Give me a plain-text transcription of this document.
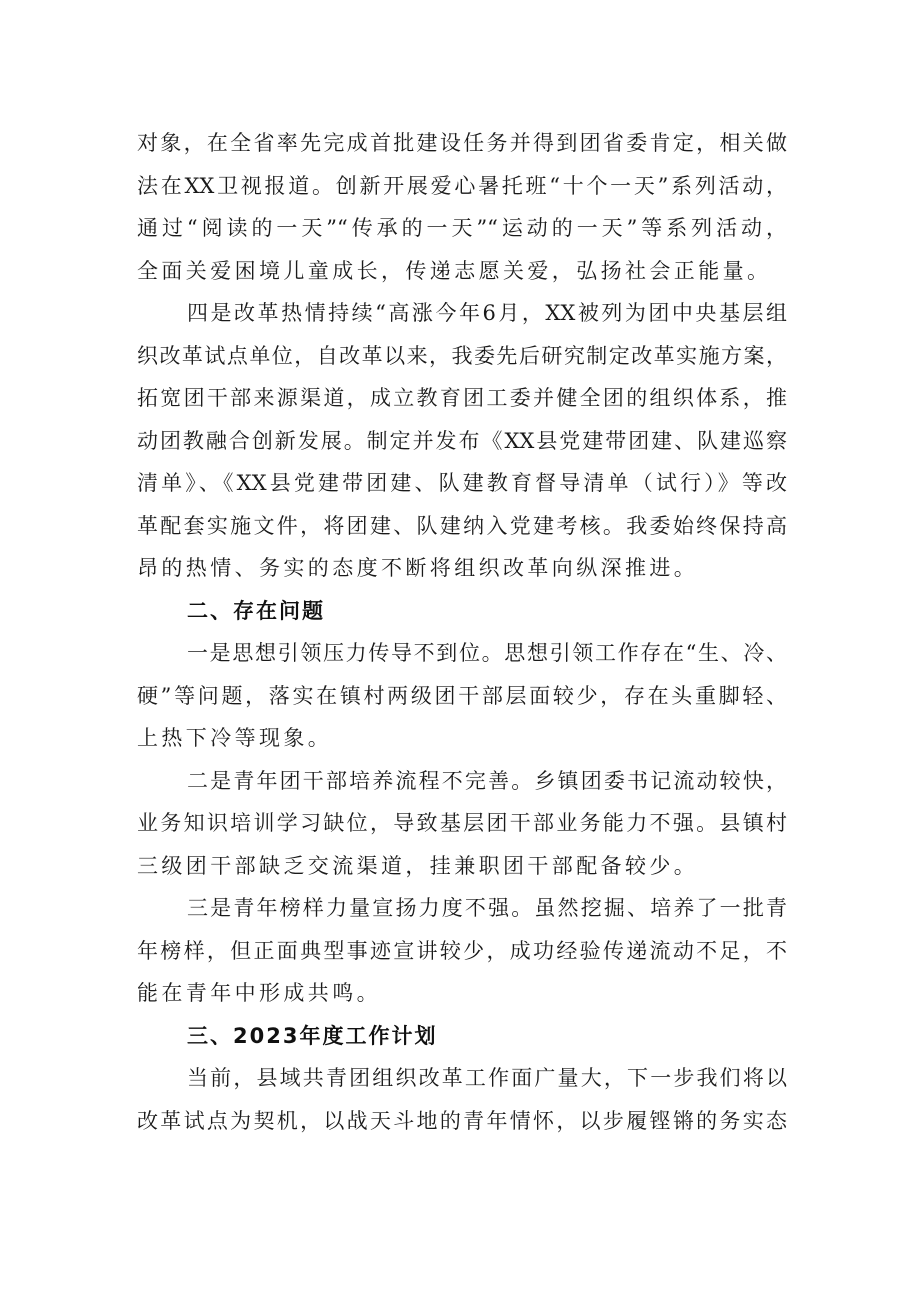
对象，在全省率先完成首批建设任务并得到团省委肯定，相关做
法在XX卫视报道。创新开展爱心暑托班“十个一天”系列活动，
通过“阅读的一天”“传承的一天”“运动的一天”等系列活动，
全面关爱困境儿童成长，传递志愿关爱，弘扬社会正能量。
四是改革热情持续“高涨今年6月，XX被列为团中央基层组
织改革试点单位，自改革以来，我委先后研究制定改革实施方案，
拓宽团干部来源渠道，成立教育团工委并健全团的组织体系，推
动团教融合创新发展。制定并发布《XX县党建带团建、队建巡察
清单》、《XX县党建带团建、队建教育督导清单（试行）》等改
革配套实施文件，将团建、队建纳入党建考核。我委始终保持高
昂的热情、务实的态度不断将组织改革向纵深推进。
二、存在问题
一是思想引领压力传导不到位。思想引领工作存在“生、冷、
硬”等问题，落实在镇村两级团干部层面较少，存在头重脚轻、
上热下冷等现象。
二是青年团干部培养流程不完善。乡镇团委书记流动较快，
业务知识培训学习缺位，导致基层团干部业务能力不强。县镇村
三级团干部缺乏交流渠道，挂兼职团干部配备较少。
三是青年榜样力量宣扬力度不强。虽然挖掘、培养了一批青
年榜样，但正面典型事迹宣讲较少，成功经验传递流动不足，不
能在青年中形成共鸣。
三、2023年度工作计划
当前，县域共青团组织改革工作面广量大，下一步我们将以
改革试点为契机，以战天斗地的青年情怀，以步履铿锵的务实态
